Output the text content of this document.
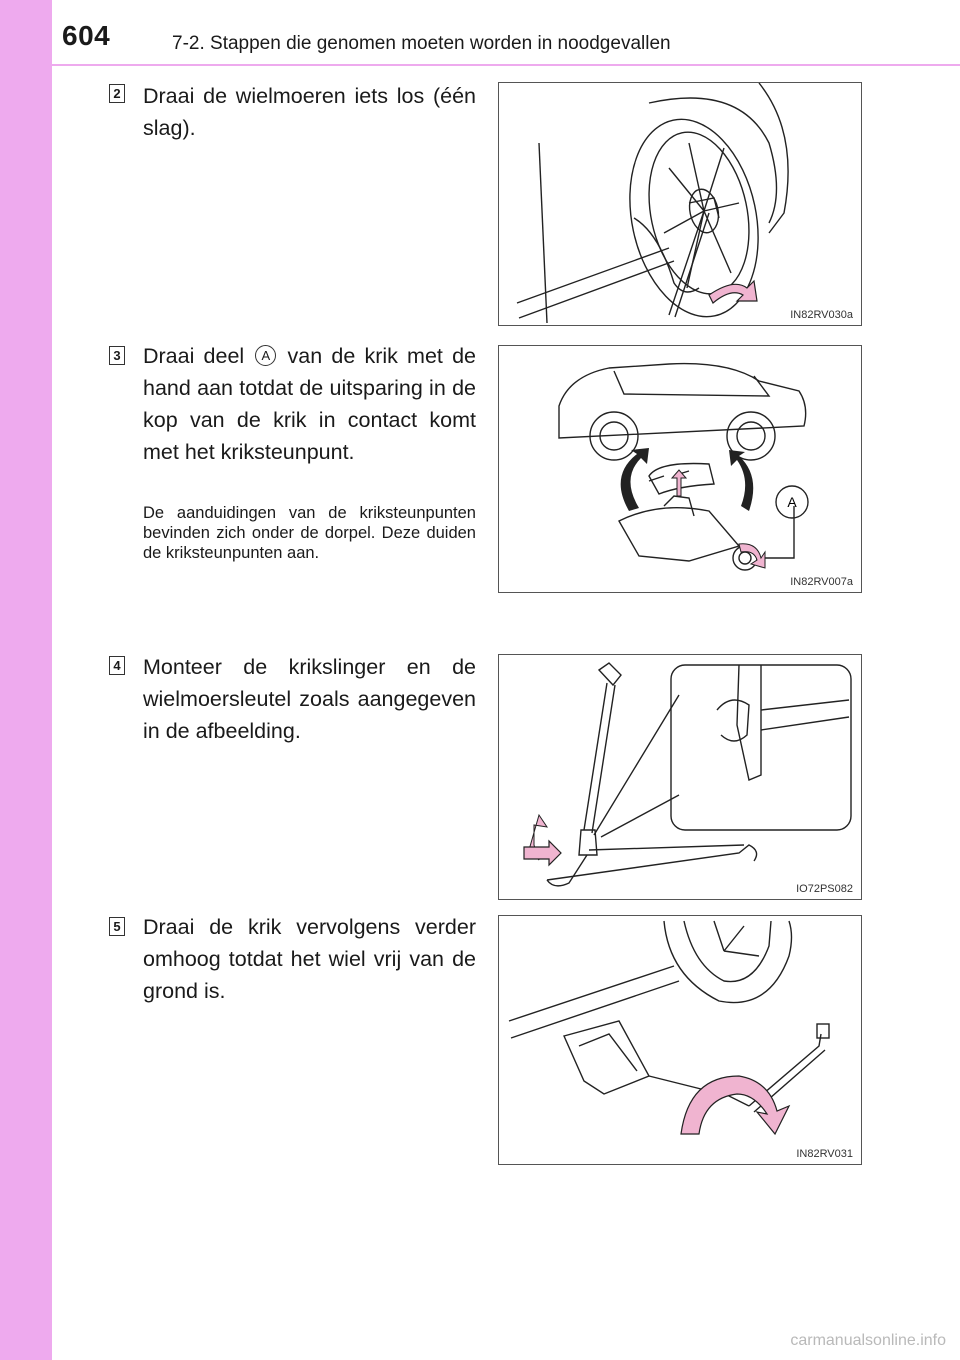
604	7-2. Stappen die genomen moeten worden in noodgevallen
2 Draai de wielmoeren iets los (één slag).
IN82RV030a
3 Draai deel A van de krik met de hand aan totdat de uitsparing in de kop van de krik in contact komt met het kriksteunpunt.
De aanduidingen van de kriksteunpunten bevinden zich onder de dorpel. Deze duiden de kriksteunpunten aan.
A
IN82RV007a
4 Monteer de krikslinger en de wielmoersleutel zoals aangegeven in de afbeelding.
IO72PS082
5 Draai de krik vervolgens verder omhoog totdat het wiel vrij van de grond is.
IN82RV031
carmanualsonline.info
